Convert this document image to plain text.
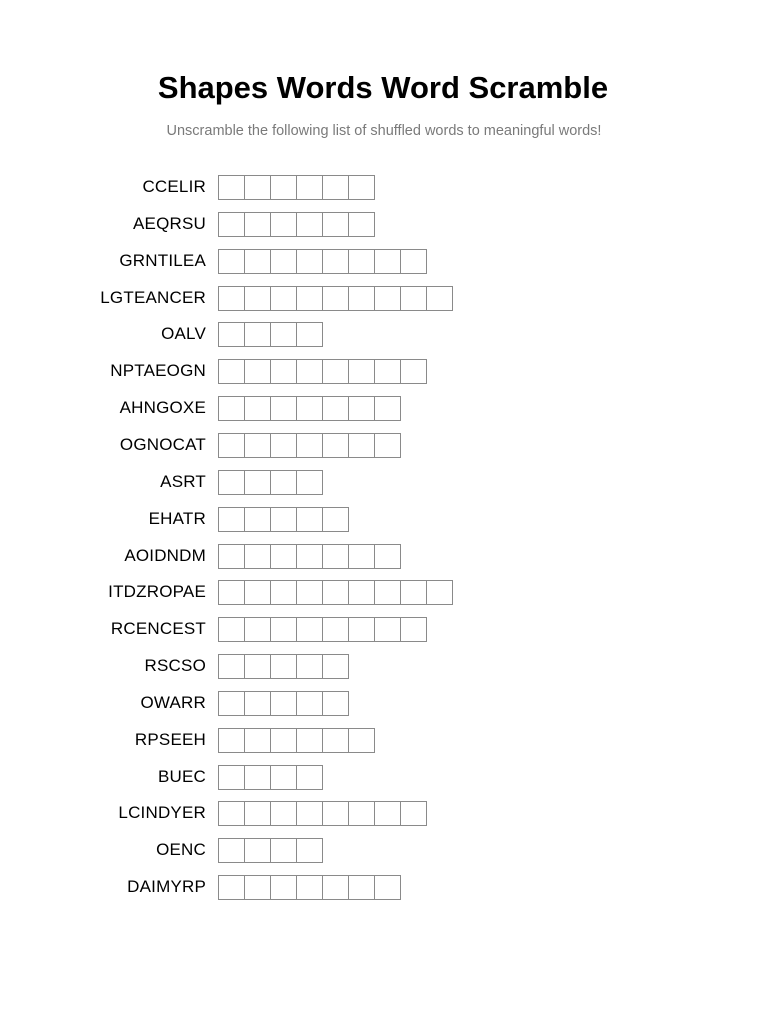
Shapes Words Word Scramble
Unscramble the following list of shuffled words to meaningful words!
CCELIR
AEQRSU
GRNTILEA
LGTEANCER
OALV
NPTAEOGN
AHNGOXE
OGNOCAT
ASRT
EHATR
AOIDNDM
ITDZROPAE
RCENCEST
RSCSO
OWARR
RPSEEH
BUEC
LCINDYER
OENC
DAIMYRP
